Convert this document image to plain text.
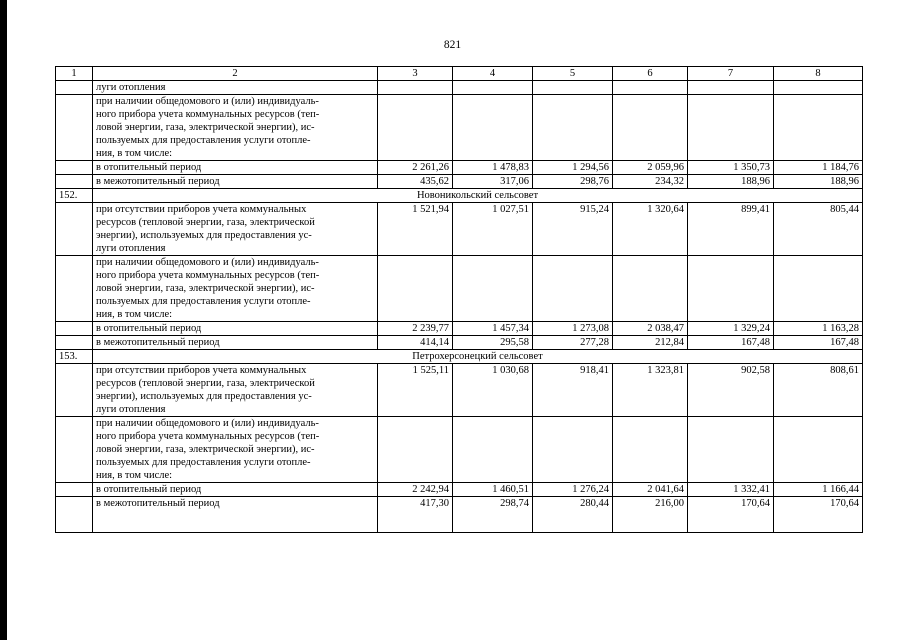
821
1	2	3	4	5	6	7	8

	луги отопления						

	при наличии общедомового и (или) индивидуаль-
ного прибора учета коммунальных ресурсов (теп-
ловой энергии, газа, электрической энергии), ис-
пользуемых для предоставления услуги отопле-
ния, в том числе:						

	в отопительный период	2 261,26	1 478,83	1 294,56	2 059,96	1 350,73	1 184,76
	в межотопительный период	435,62	317,06	298,76	234,32	188,96	188,96
152.	Новоникольский сельсовет						

	при отсутствии приборов учета коммунальных
ресурсов (тепловой энергии, газа, электрической
энергии), используемых для предоставления ус-
луги отопления	1 521,94	1 027,51	915,24	1 320,64	899,41	805,44

	при наличии общедомового и (или) индивидуаль-
ного прибора учета коммунальных ресурсов (теп-
ловой энергии, газа, электрической энергии), ис-
пользуемых для предоставления услуги отопле-
ния, в том числе:						

	в отопительный период	2 239,77	1 457,34	1 273,08	2 038,47	1 329,24	1 163,28
	в межотопительный период	414,14	295,58	277,28	212,84	167,48	167,48
153.	Петрохерсонецкий сельсовет						

	при отсутствии приборов учета коммунальных
ресурсов (тепловой энергии, газа, электрической
энергии), используемых для предоставления ус-
луги отопления	1 525,11	1 030,68	918,41	1 323,81	902,58	808,61

	при наличии общедомового и (или) индивидуаль-
ного прибора учета коммунальных ресурсов (теп-
ловой энергии, газа, электрической энергии), ис-
пользуемых для предоставления услуги отопле-
ния, в том числе:						

	в отопительный период	2 242,94	1 460,51	1 276,24	2 041,64	1 332,41	1 166,44
	в межотопительный период	417,30	298,74	280,44	216,00	170,64	170,64
